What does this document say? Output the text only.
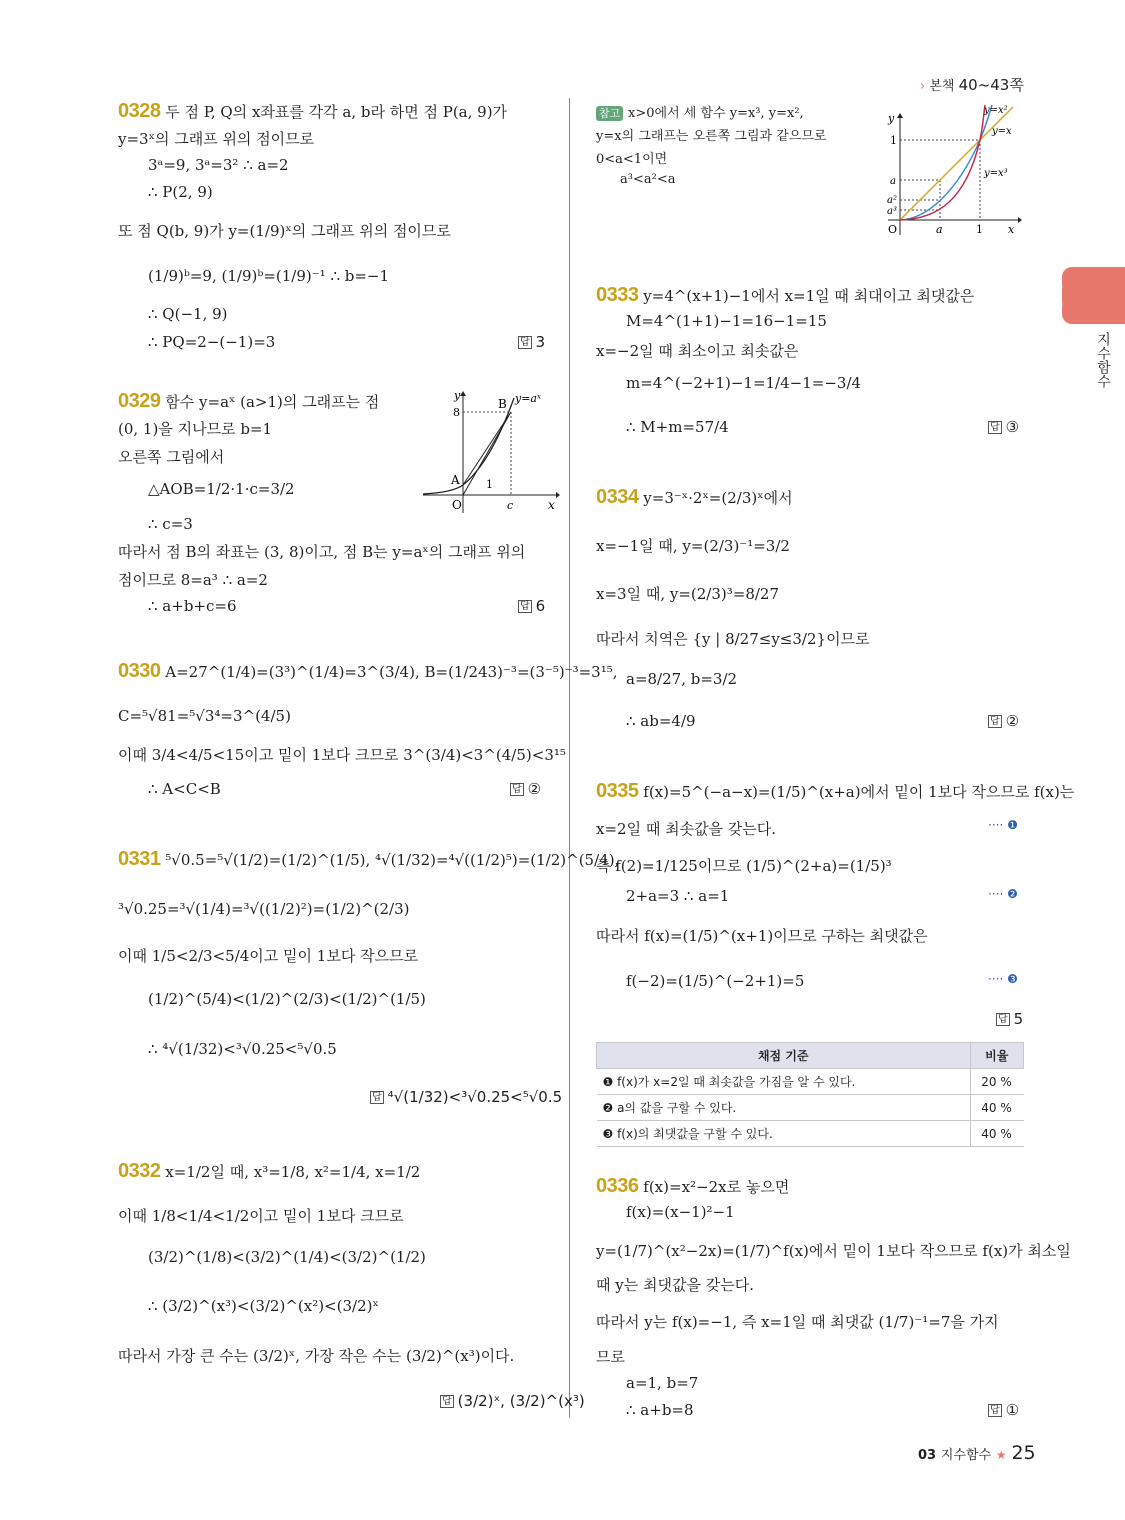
› 본책 40~43쪽
03
지수함수
0328 두 점 P, Q의 x좌표를 각각 a, b라 하면 점 P(a, 9)가
y=3ˣ의 그래프 위의 점이므로
3ᵃ=9, 3ᵃ=3² ∴ a=2
∴ P(2, 9)
또 점 Q(b, 9)가 y=(1/9)ˣ의 그래프 위의 점이므로
(1/9)ᵇ=9, (1/9)ᵇ=(1/9)⁻¹ ∴ b=−1
∴ Q(−1, 9)
∴ PQ=2−(−1)=3	답 3
0329 함수 y=aˣ (a>1)의 그래프는 점
(0, 1)을 지나므로 b=1
오른쪽 그림에서
△AOB=1/2·1·c=3/2
∴ c=3
따라서 점 B의 좌표는 (3, 8)이고, 점 B는 y=aˣ의 그래프 위의
점이므로 8=a³ ∴ a=2
∴ a+b+c=6	답 6
y
x
O
8
c
A
B
1
y=aˣ
0330 A=27^(1/4)=(3³)^(1/4)=3^(3/4), B=(1/243)⁻³=(3⁻⁵)⁻³=3¹⁵,
C=⁵√81=⁵√3⁴=3^(4/5)
이때 3/4<4/5<15이고 밑이 1보다 크므로 3^(3/4)<3^(4/5)<3¹⁵
∴ A<C<B	답 ②
0331 ⁵√0.5=⁵√(1/2)=(1/2)^(1/5), ⁴√(1/32)=⁴√((1/2)⁵)=(1/2)^(5/4),
³√0.25=³√(1/4)=³√((1/2)²)=(1/2)^(2/3)
이때 1/5<2/3<5/4이고 밑이 1보다 작으므로
(1/2)^(5/4)<(1/2)^(2/3)<(1/2)^(1/5)
∴ ⁴√(1/32)<³√0.25<⁵√0.5
답 ⁴√(1/32)<³√0.25<⁵√0.5
0332 x=1/2일 때, x³=1/8, x²=1/4, x=1/2
이때 1/8<1/4<1/2이고 밑이 1보다 크므로
(3/2)^(1/8)<(3/2)^(1/4)<(3/2)^(1/2)
∴ (3/2)^(x³)<(3/2)^(x²)<(3/2)ˣ
따라서 가장 큰 수는 (3/2)ˣ, 가장 작은 수는 (3/2)^(x³)이다.
답 (3/2)ˣ, (3/2)^(x³)
참고 x>0에서 세 함수 y=x³, y=x²,
y=x의 그래프는 오른쪽 그림과 같으므로
0<a<1이면
a³<a²<a
y
x
O
1
1
a
a
a²
a³
y=x²
y=x
y=x³
0333 y=4^(x+1)−1에서 x=1일 때 최대이고 최댓값은
M=4^(1+1)−1=16−1=15
x=−2일 때 최소이고 최솟값은
m=4^(−2+1)−1=1/4−1=−3/4
∴ M+m=57/4	답 ③
0334 y=3⁻ˣ·2ˣ=(2/3)ˣ에서
x=−1일 때, y=(2/3)⁻¹=3/2
x=3일 때, y=(2/3)³=8/27
따라서 치역은 {y | 8/27≤y≤3/2}이므로
a=8/27, b=3/2
∴ ab=4/9	답 ②
0335 f(x)=5^(−a−x)=(1/5)^(x+a)에서 밑이 1보다 작으므로 f(x)는
x=2일 때 최솟값을 갖는다.	···· ❶
즉 f(2)=1/125이므로 (1/5)^(2+a)=(1/5)³
2+a=3 ∴ a=1	···· ❷
따라서 f(x)=(1/5)^(x+1)이므로 구하는 최댓값은
f(−2)=(1/5)^(−2+1)=5	···· ❸
답 5
채점 기준	비율
❶ f(x)가 x=2일 때 최솟값을 가짐을 알 수 있다.	20 %
❷ a의 값을 구할 수 있다.	40 %
❸ f(x)의 최댓값을 구할 수 있다.	40 %
0336 f(x)=x²−2x로 놓으면
f(x)=(x−1)²−1
y=(1/7)^(x²−2x)=(1/7)^f(x)에서 밑이 1보다 작으므로 f(x)가 최소일
때 y는 최댓값을 갖는다.
따라서 y는 f(x)=−1, 즉 x=1일 때 최댓값 (1/7)⁻¹=7을 가지
므로
a=1, b=7
∴ a+b=8	답 ①
03 지수함수 ★ 25
